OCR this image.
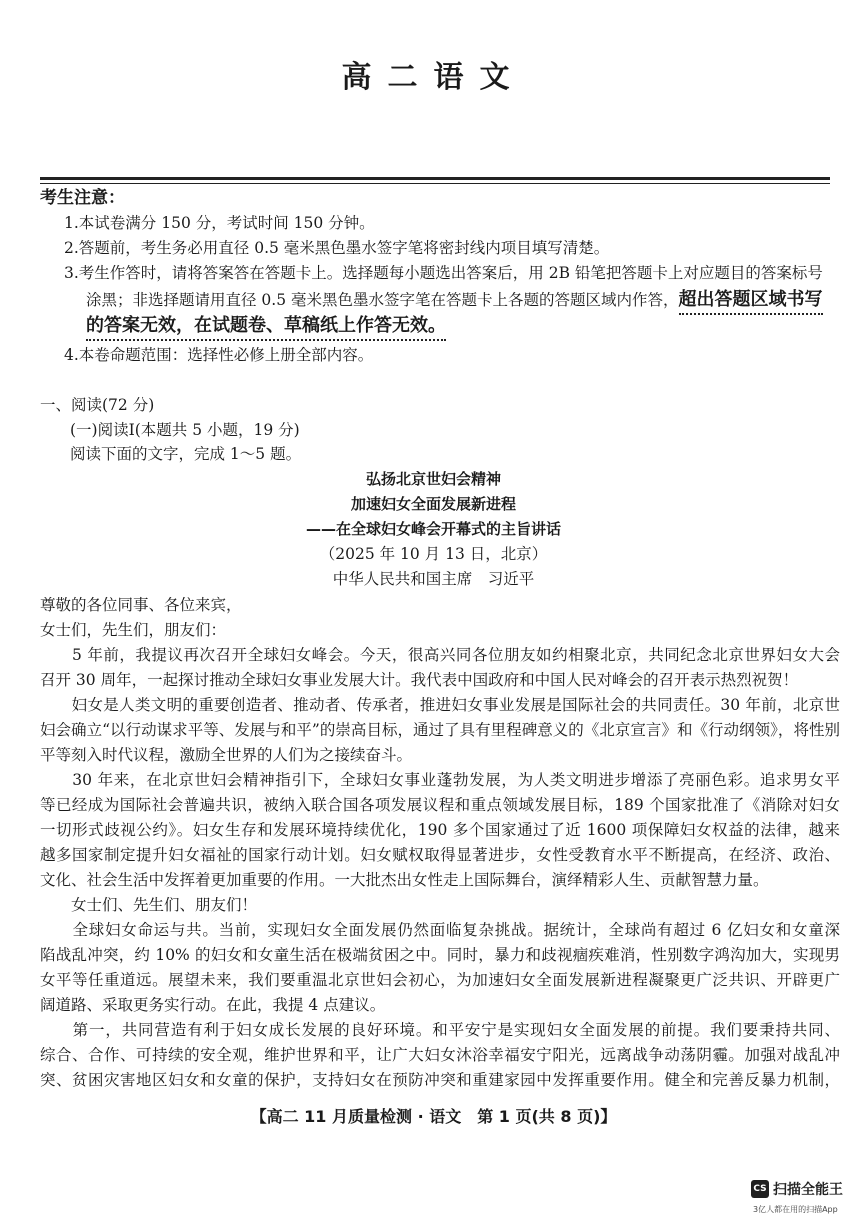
高二语文
考生注意：
1.本试卷满分 150 分，考试时间 150 分钟。
2.答题前，考生务必用直径 0.5 毫米黑色墨水签字笔将密封线内项目填写清楚。
3.考生作答时，请将答案答在答题卡上。选择题每小题选出答案后，用 2B 铅笔把答题卡上对应题目的答案标号
涂黑；非选择题请用直径 0.5 毫米黑色墨水签字笔在答题卡上各题的答题区域内作答，超出答题区域书写
的答案无效，在试题卷、草稿纸上作答无效。
4.本卷命题范围：选择性必修上册全部内容。
一、阅读(72 分)
(一)阅读Ⅰ(本题共 5 小题，19 分)
阅读下面的文字，完成 1～5 题。
弘扬北京世妇会精神
加速妇女全面发展新进程
——在全球妇女峰会开幕式的主旨讲话
（2025 年 10 月 13 日，北京）
中华人民共和国主席　习近平
尊敬的各位同事、各位来宾，
女士们，先生们，朋友们：
　　5 年前，我提议再次召开全球妇女峰会。今天，很高兴同各位朋友如约相聚北京，共同纪念北京世界妇女大会
召开 30 周年，一起探讨推动全球妇女事业发展大计。我代表中国政府和中国人民对峰会的召开表示热烈祝贺！
　　妇女是人类文明的重要创造者、推动者、传承者，推进妇女事业发展是国际社会的共同责任。30 年前，北京世
妇会确立“以行动谋求平等、发展与和平”的崇高目标，通过了具有里程碑意义的《北京宣言》和《行动纲领》，将性别
平等刻入时代议程，激励全世界的人们为之接续奋斗。
　　30 年来，在北京世妇会精神指引下，全球妇女事业蓬勃发展，为人类文明进步增添了亮丽色彩。追求男女平
等已经成为国际社会普遍共识，被纳入联合国各项发展议程和重点领域发展目标，189 个国家批准了《消除对妇女
一切形式歧视公约》。妇女生存和发展环境持续优化，190 多个国家通过了近 1600 项保障妇女权益的法律，越来
越多国家制定提升妇女福祉的国家行动计划。妇女赋权取得显著进步，女性受教育水平不断提高，在经济、政治、
文化、社会生活中发挥着更加重要的作用。一大批杰出女性走上国际舞台，演绎精彩人生、贡献智慧力量。
　　女士们、先生们、朋友们！
　　全球妇女命运与共。当前，实现妇女全面发展仍然面临复杂挑战。据统计，全球尚有超过 6 亿妇女和女童深
陷战乱冲突，约 10% 的妇女和女童生活在极端贫困之中。同时，暴力和歧视痼疾难消，性别数字鸿沟加大，实现男
女平等任重道远。展望未来，我们要重温北京世妇会初心，为加速妇女全面发展新进程凝聚更广泛共识、开辟更广
阔道路、采取更务实行动。在此，我提 4 点建议。
　　第一，共同营造有利于妇女成长发展的良好环境。和平安宁是实现妇女全面发展的前提。我们要秉持共同、
综合、合作、可持续的安全观，维护世界和平，让广大妇女沐浴幸福安宁阳光，远离战争动荡阴霾。加强对战乱冲
突、贫困灾害地区妇女和女童的保护，支持妇女在预防冲突和重建家园中发挥重要作用。健全和完善反暴力机制，
【高二 11 月质量检测 · 语文　第 1 页(共 8 页)】
CS 扫描全能王
3亿人都在用的扫描App
